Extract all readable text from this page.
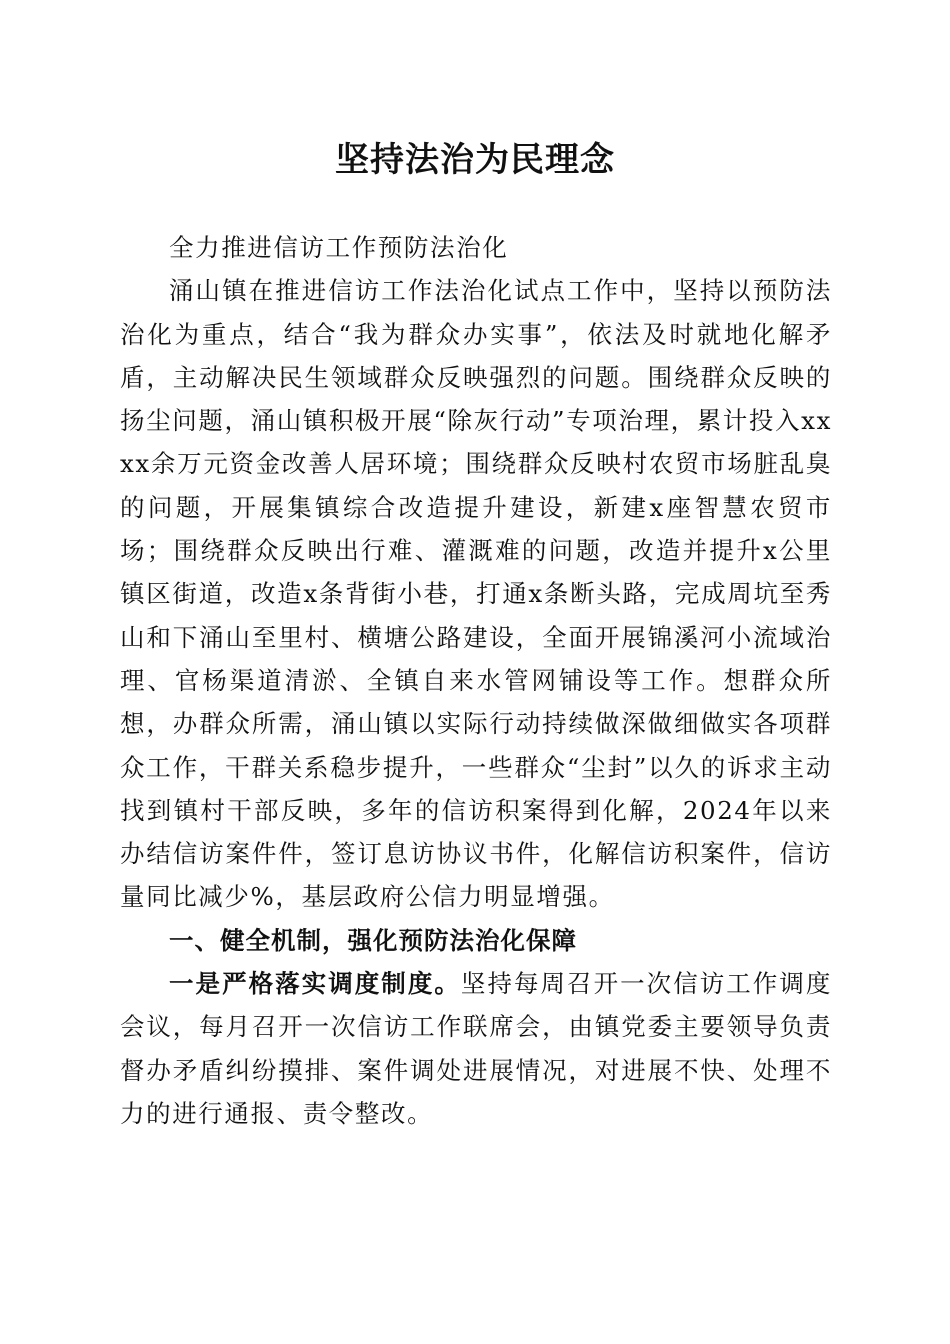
坚持法治为民理念

全力推进信访工作预防法治化

涌山镇在推进信访工作法治化试点工作中，坚持以预防法治化为重点，结合“我为群众办实事”，依法及时就地化解矛盾，主动解决民生领域群众反映强烈的问题。围绕群众反映的扬尘问题，涌山镇积极开展“除灰行动”专项治理，累计投入xxxx余万元资金改善人居环境；围绕群众反映村农贸市场脏乱臭的问题，开展集镇综合改造提升建设，新建x座智慧农贸市场；围绕群众反映出行难、灌溉难的问题，改造并提升x公里镇区街道，改造x条背街小巷，打通x条断头路，完成周坑至秀山和下涌山至里村、横塘公路建设，全面开展锦溪河小流域治理、官杨渠道清淤、全镇自来水管网铺设等工作。想群众所想，办群众所需，涌山镇以实际行动持续做深做细做实各项群众工作，干群关系稳步提升，一些群众“尘封”以久的诉求主动找到镇村干部反映，多年的信访积案得到化解，2024年以来办结信访案件件，签订息访协议书件，化解信访积案件，信访量同比减少%，基层政府公信力明显增强。

一、健全机制，强化预防法治化保障

一是严格落实调度制度。坚持每周召开一次信访工作调度会议，每月召开一次信访工作联席会，由镇党委主要领导负责督办矛盾纠纷摸排、案件调处进展情况，对进展不快、处理不力的进行通报、责令整改。
